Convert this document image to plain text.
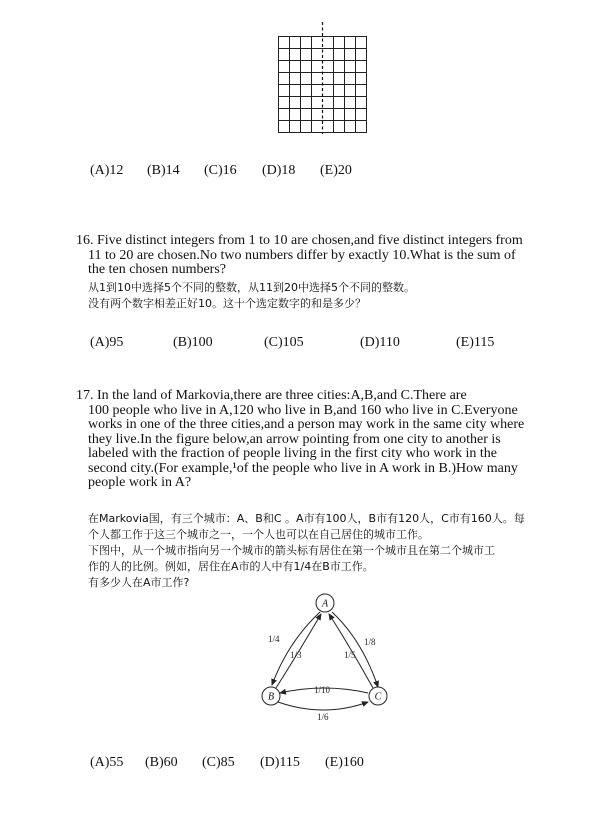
(A)12 (B)14 (C)16 (D)18 (E)20
16. Five distinct integers from 1 to 10 are chosen,and five distinct integers from
11 to 20 are chosen.No two numbers differ by exactly 10.What is the sum of
the ten chosen numbers?
从1到10中选择5个不同的整数，从11到20中选择5个不同的整数。
没有两个数字相差正好10。这十个选定数字的和是多少？
(A)95	(B)100	(C)105	(D)110	(E)115
17. In the land of Markovia,there are three cities:A,B,and C.There are
100 people who live in A,120 who live in B,and 160 who live in C.Everyone
works in one of the three cities,and a person may work in the same city where
they live.In the figure below,an arrow pointing from one city to another is
labeled with the fraction of people living in the first city who work in the
second city.(For example,¹of the people who live in A work in B.)How many
people work in A?
在Markovia国，有三个城市：A、B和C 。A市有100人，B市有120人，C市有160人。每
个人都工作于这三个城市之一，一个人也可以在自己居住的城市工作。
下图中，从一个城市指向另一个城市的箭头标有居住在第一个城市且在第二个城市工
作的人的比例。例如，居住在A市的人中有1/4在B市工作。
有多少人在A市工作?
1/4
1/3
1/8
1/5
1/10
1/6
A
B	C
(A)55 (B)60 (C)85 (D)115 (E)160
